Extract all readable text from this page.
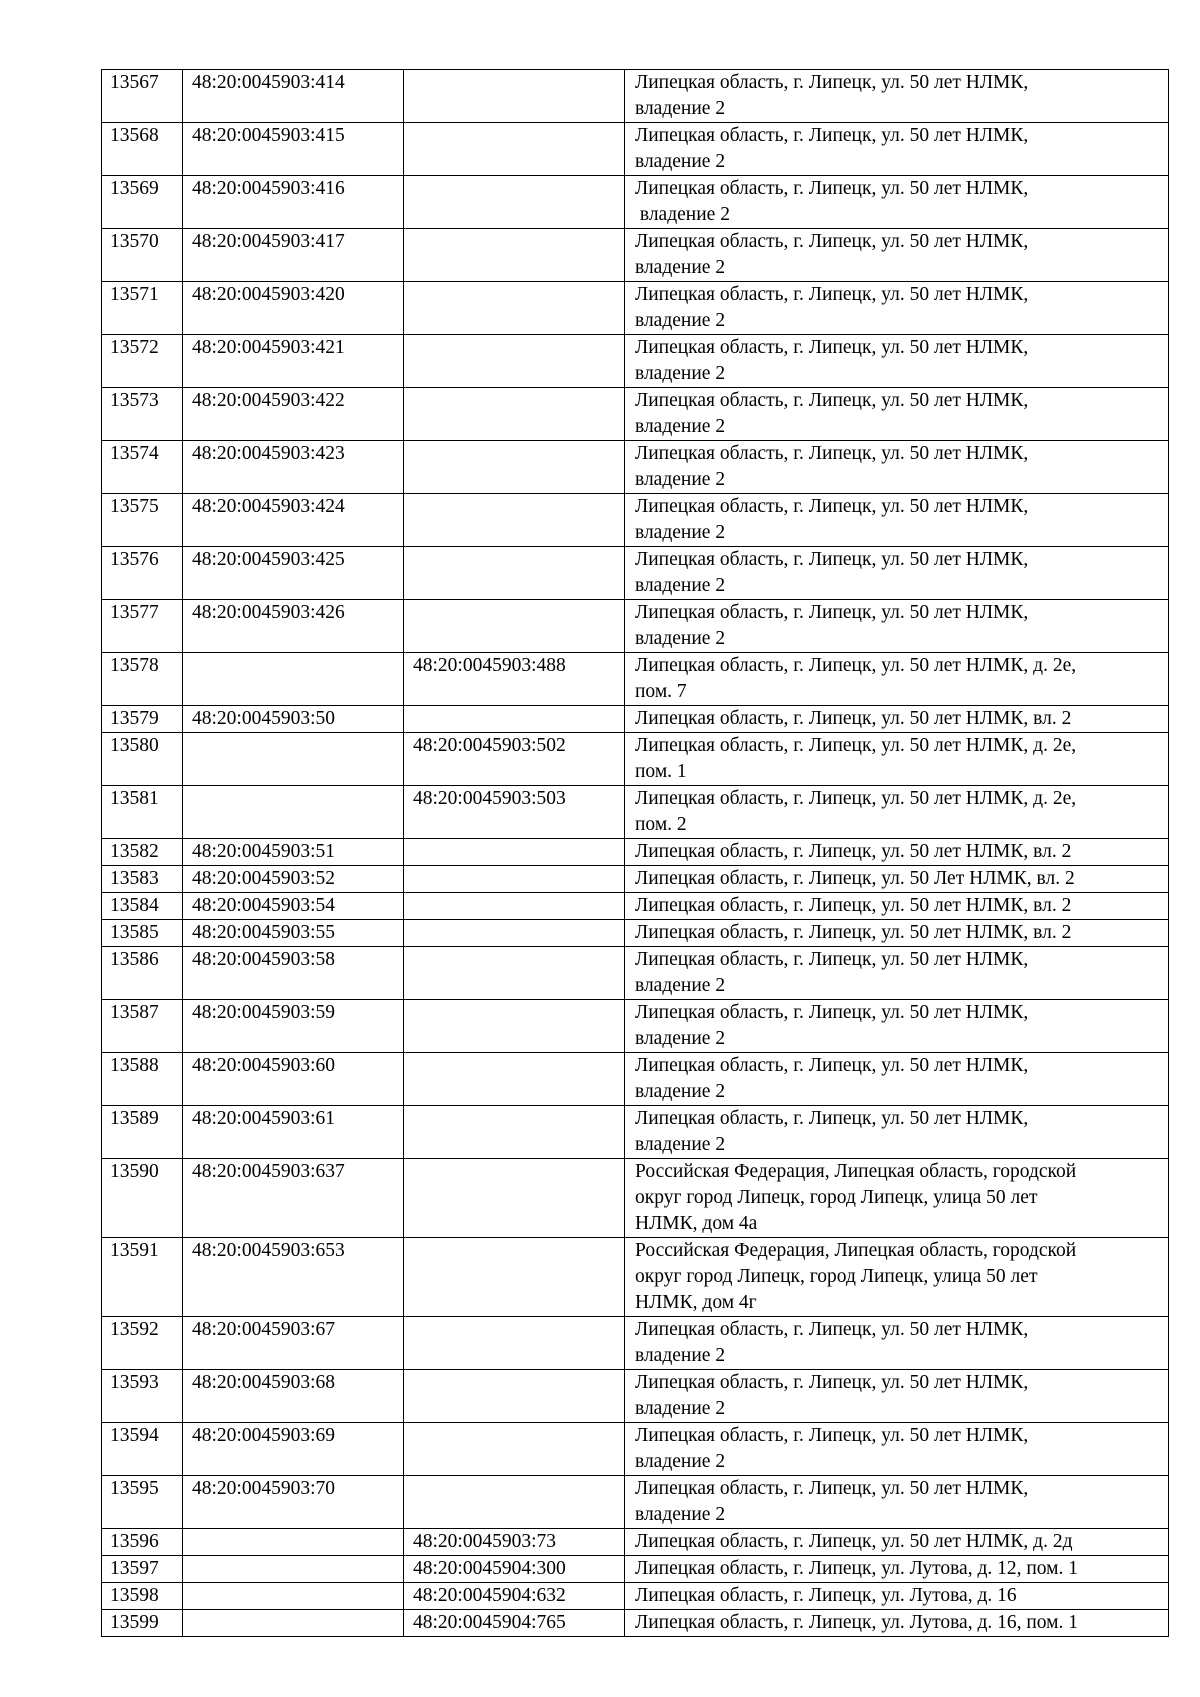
13567	48:20:0045903:414		Липецкая область, г. Липецк, ул. 50 лет НЛМК,
владение 2

13568	48:20:0045903:415		Липецкая область, г. Липецк, ул. 50 лет НЛМК,
владение 2

13569	48:20:0045903:416		Липецкая область, г. Липецк, ул. 50 лет НЛМК,
владение 2

13570	48:20:0045903:417		Липецкая область, г. Липецк, ул. 50 лет НЛМК,
владение 2

13571	48:20:0045903:420		Липецкая область, г. Липецк, ул. 50 лет НЛМК,
владение 2

13572	48:20:0045903:421		Липецкая область, г. Липецк, ул. 50 лет НЛМК,
владение 2

13573	48:20:0045903:422		Липецкая область, г. Липецк, ул. 50 лет НЛМК,
владение 2

13574	48:20:0045903:423		Липецкая область, г. Липецк, ул. 50 лет НЛМК,
владение 2

13575	48:20:0045903:424		Липецкая область, г. Липецк, ул. 50 лет НЛМК,
владение 2

13576	48:20:0045903:425		Липецкая область, г. Липецк, ул. 50 лет НЛМК,
владение 2

13577	48:20:0045903:426		Липецкая область, г. Липецк, ул. 50 лет НЛМК,
владение 2

13578		48:20:0045903:488	Липецкая область, г. Липецк, ул. 50 лет НЛМК, д. 2е,
пом. 7

13579	48:20:0045903:50		Липецкая область, г. Липецк, ул. 50 лет НЛМК, вл. 2

13580		48:20:0045903:502	Липецкая область, г. Липецк, ул. 50 лет НЛМК, д. 2е,
пом. 1

13581		48:20:0045903:503	Липецкая область, г. Липецк, ул. 50 лет НЛМК, д. 2е,
пом. 2

13582	48:20:0045903:51		Липецкая область, г. Липецк, ул. 50 лет НЛМК, вл. 2

13583	48:20:0045903:52		Липецкая область, г. Липецк, ул. 50 Лет НЛМК, вл. 2

13584	48:20:0045903:54		Липецкая область, г. Липецк, ул. 50 лет НЛМК, вл. 2

13585	48:20:0045903:55		Липецкая область, г. Липецк, ул. 50 лет НЛМК, вл. 2

13586	48:20:0045903:58		Липецкая область, г. Липецк, ул. 50 лет НЛМК,
владение 2

13587	48:20:0045903:59		Липецкая область, г. Липецк, ул. 50 лет НЛМК,
владение 2

13588	48:20:0045903:60		Липецкая область, г. Липецк, ул. 50 лет НЛМК,
владение 2

13589	48:20:0045903:61		Липецкая область, г. Липецк, ул. 50 лет НЛМК,
владение 2

13590	48:20:0045903:637		Российская Федерация, Липецкая область, городской
округ город Липецк, город Липецк, улица 50 лет
НЛМК, дом 4а

13591	48:20:0045903:653		Российская Федерация, Липецкая область, городской
округ город Липецк, город Липецк, улица 50 лет
НЛМК, дом 4г

13592	48:20:0045903:67		Липецкая область, г. Липецк, ул. 50 лет НЛМК,
владение 2

13593	48:20:0045903:68		Липецкая область, г. Липецк, ул. 50 лет НЛМК,
владение 2

13594	48:20:0045903:69		Липецкая область, г. Липецк, ул. 50 лет НЛМК,
владение 2

13595	48:20:0045903:70		Липецкая область, г. Липецк, ул. 50 лет НЛМК,
владение 2

13596		48:20:0045903:73	Липецкая область, г. Липецк, ул. 50 лет НЛМК, д. 2д

13597		48:20:0045904:300	Липецкая область, г. Липецк, ул. Лутова, д. 12, пом. 1

13598		48:20:0045904:632	Липецкая область, г. Липецк, ул. Лутова, д. 16

13599		48:20:0045904:765	Липецкая область, г. Липецк, ул. Лутова, д. 16, пом. 1
